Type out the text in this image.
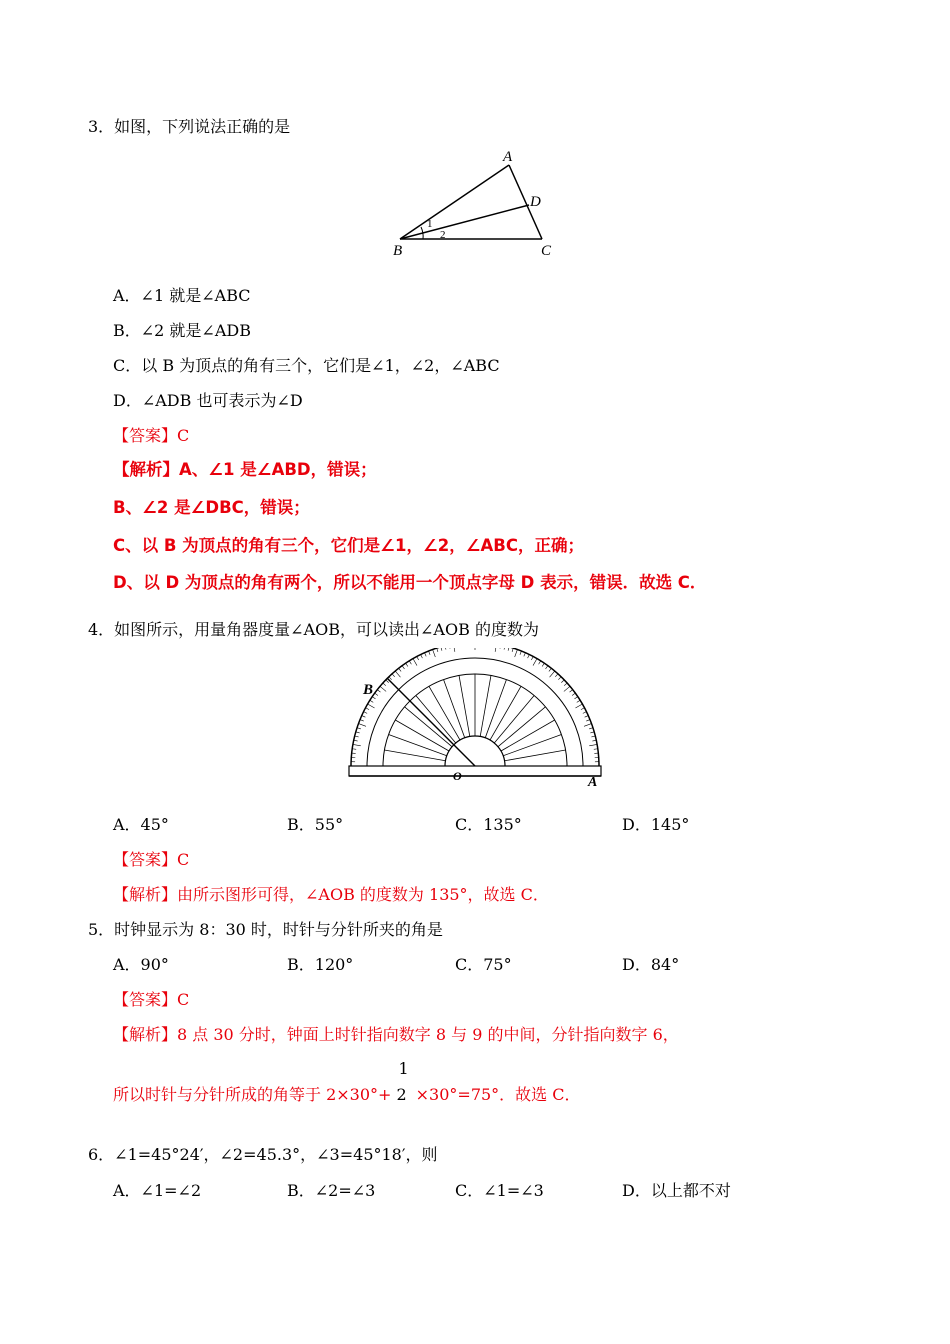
3．如图，下列说法正确的是
A
D
B	C
1
2
A．∠1 就是∠ABC
B．∠2 就是∠ADB
C．以 B 为顶点的角有三个，它们是∠1，∠2，∠ABC
D．∠ADB 也可表示为∠D
【答案】C
【解析】A、∠1 是∠ABD，错误；
B、∠2 是∠DBC，错误；
C、以 B 为顶点的角有三个，它们是∠1，∠2，∠ABC，正确；
D、以 D 为顶点的角有两个，所以不能用一个顶点字母 D 表示，错误．故选 C．
4．如图所示，用量角器度量∠AOB，可以读出∠AOB 的度数为
B
O	A
A．45°	B．55°	C．135°	D．145°
【答案】C
【解析】由所示图形可得，∠AOB 的度数为 135°，故选 C．
5．时钟显示为 8：30 时，时针与分针所夹的角是
A．90°	B．120°	C．75°	D．84°
【答案】C
【解析】8 点 30 分时，钟面上时针指向数字 8 与 9 的中间，分针指向数字 6，
所以时针与分针所成的角等于 2×30°+
1
2 ×30°=75°．故选 C．
6．∠1=45°24′，∠2=45.3°，∠3=45°18′，则
A．∠1=∠2	B．∠2=∠3	C．∠1=∠3	D．以上都不对
